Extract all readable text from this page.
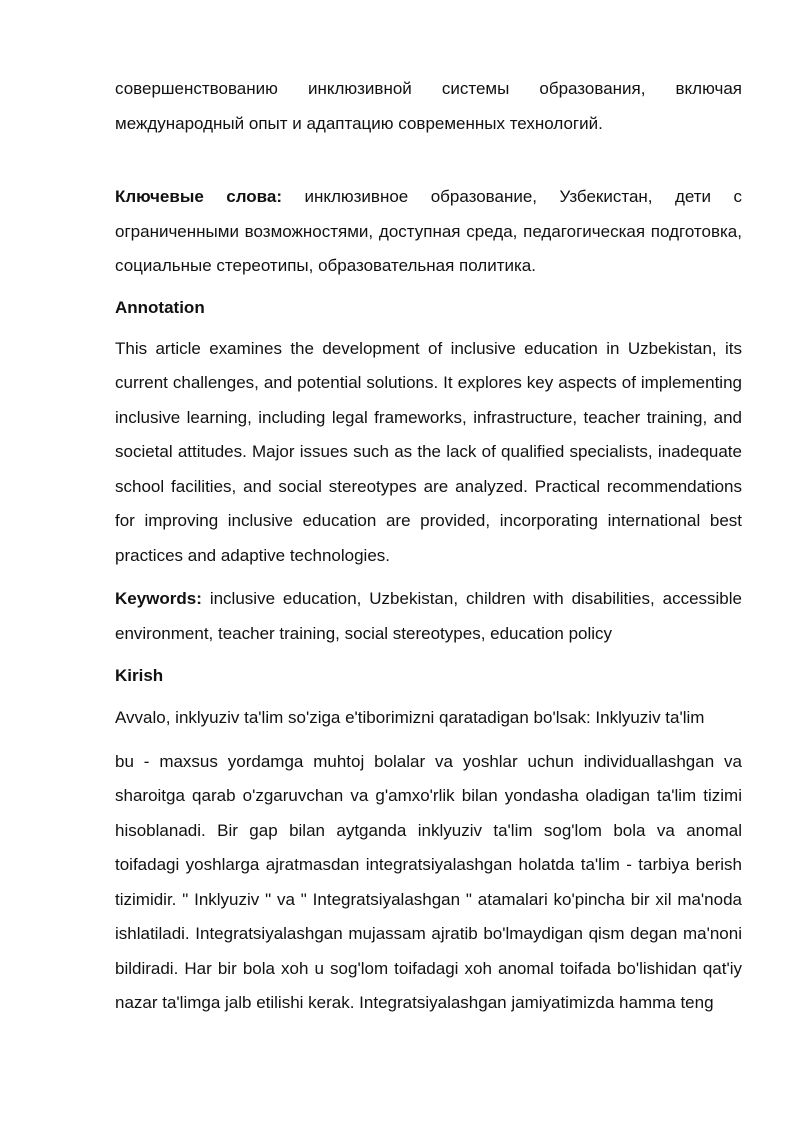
совершенствованию инклюзивной системы образования, включая международный опыт и адаптацию современных технологий.

Ключевые слова: инклюзивное образование, Узбекистан, дети с ограниченными возможностями, доступная среда, педагогическая подготовка, социальные стереотипы, образовательная политика.

Annotation

This article examines the development of inclusive education in Uzbekistan, its current challenges, and potential solutions. It explores key aspects of implementing inclusive learning, including legal frameworks, infrastructure, teacher training, and societal attitudes. Major issues such as the lack of qualified specialists, inadequate school facilities, and social stereotypes are analyzed. Practical recommendations for improving inclusive education are provided, incorporating international best practices and adaptive technologies.

Keywords: inclusive education, Uzbekistan, children with disabilities, accessible environment, teacher training, social stereotypes, education policy

Kirish

Avvalo, inklyuziv ta'lim so'ziga e'tiborimizni qaratadigan bo'lsak: Inklyuziv ta'lim

bu - maxsus yordamga muhtoj bolalar va yoshlar uchun individuallashgan va sharoitga qarab o'zgaruvchan va g'amxo'rlik bilan yondasha oladigan ta'lim tizimi hisoblanadi. Bir gap bilan aytganda inklyuziv ta'lim sog'lom bola va anomal toifadagi yoshlarga ajratmasdan integratsiyalashgan holatda ta'lim - tarbiya berish tizimidir. " Inklyuziv " va " Integratsiyalashgan " atamalari ko'pincha bir xil ma'noda ishlatiladi. Integratsiyalashgan mujassam ajratib bo'lmaydigan qism degan ma'noni bildiradi. Har bir bola xoh u sog'lom toifadagi xoh anomal toifada bo'lishidan qat'iy nazar ta'limga jalb etilishi kerak. Integratsiyalashgan jamiyatimizda hamma teng
